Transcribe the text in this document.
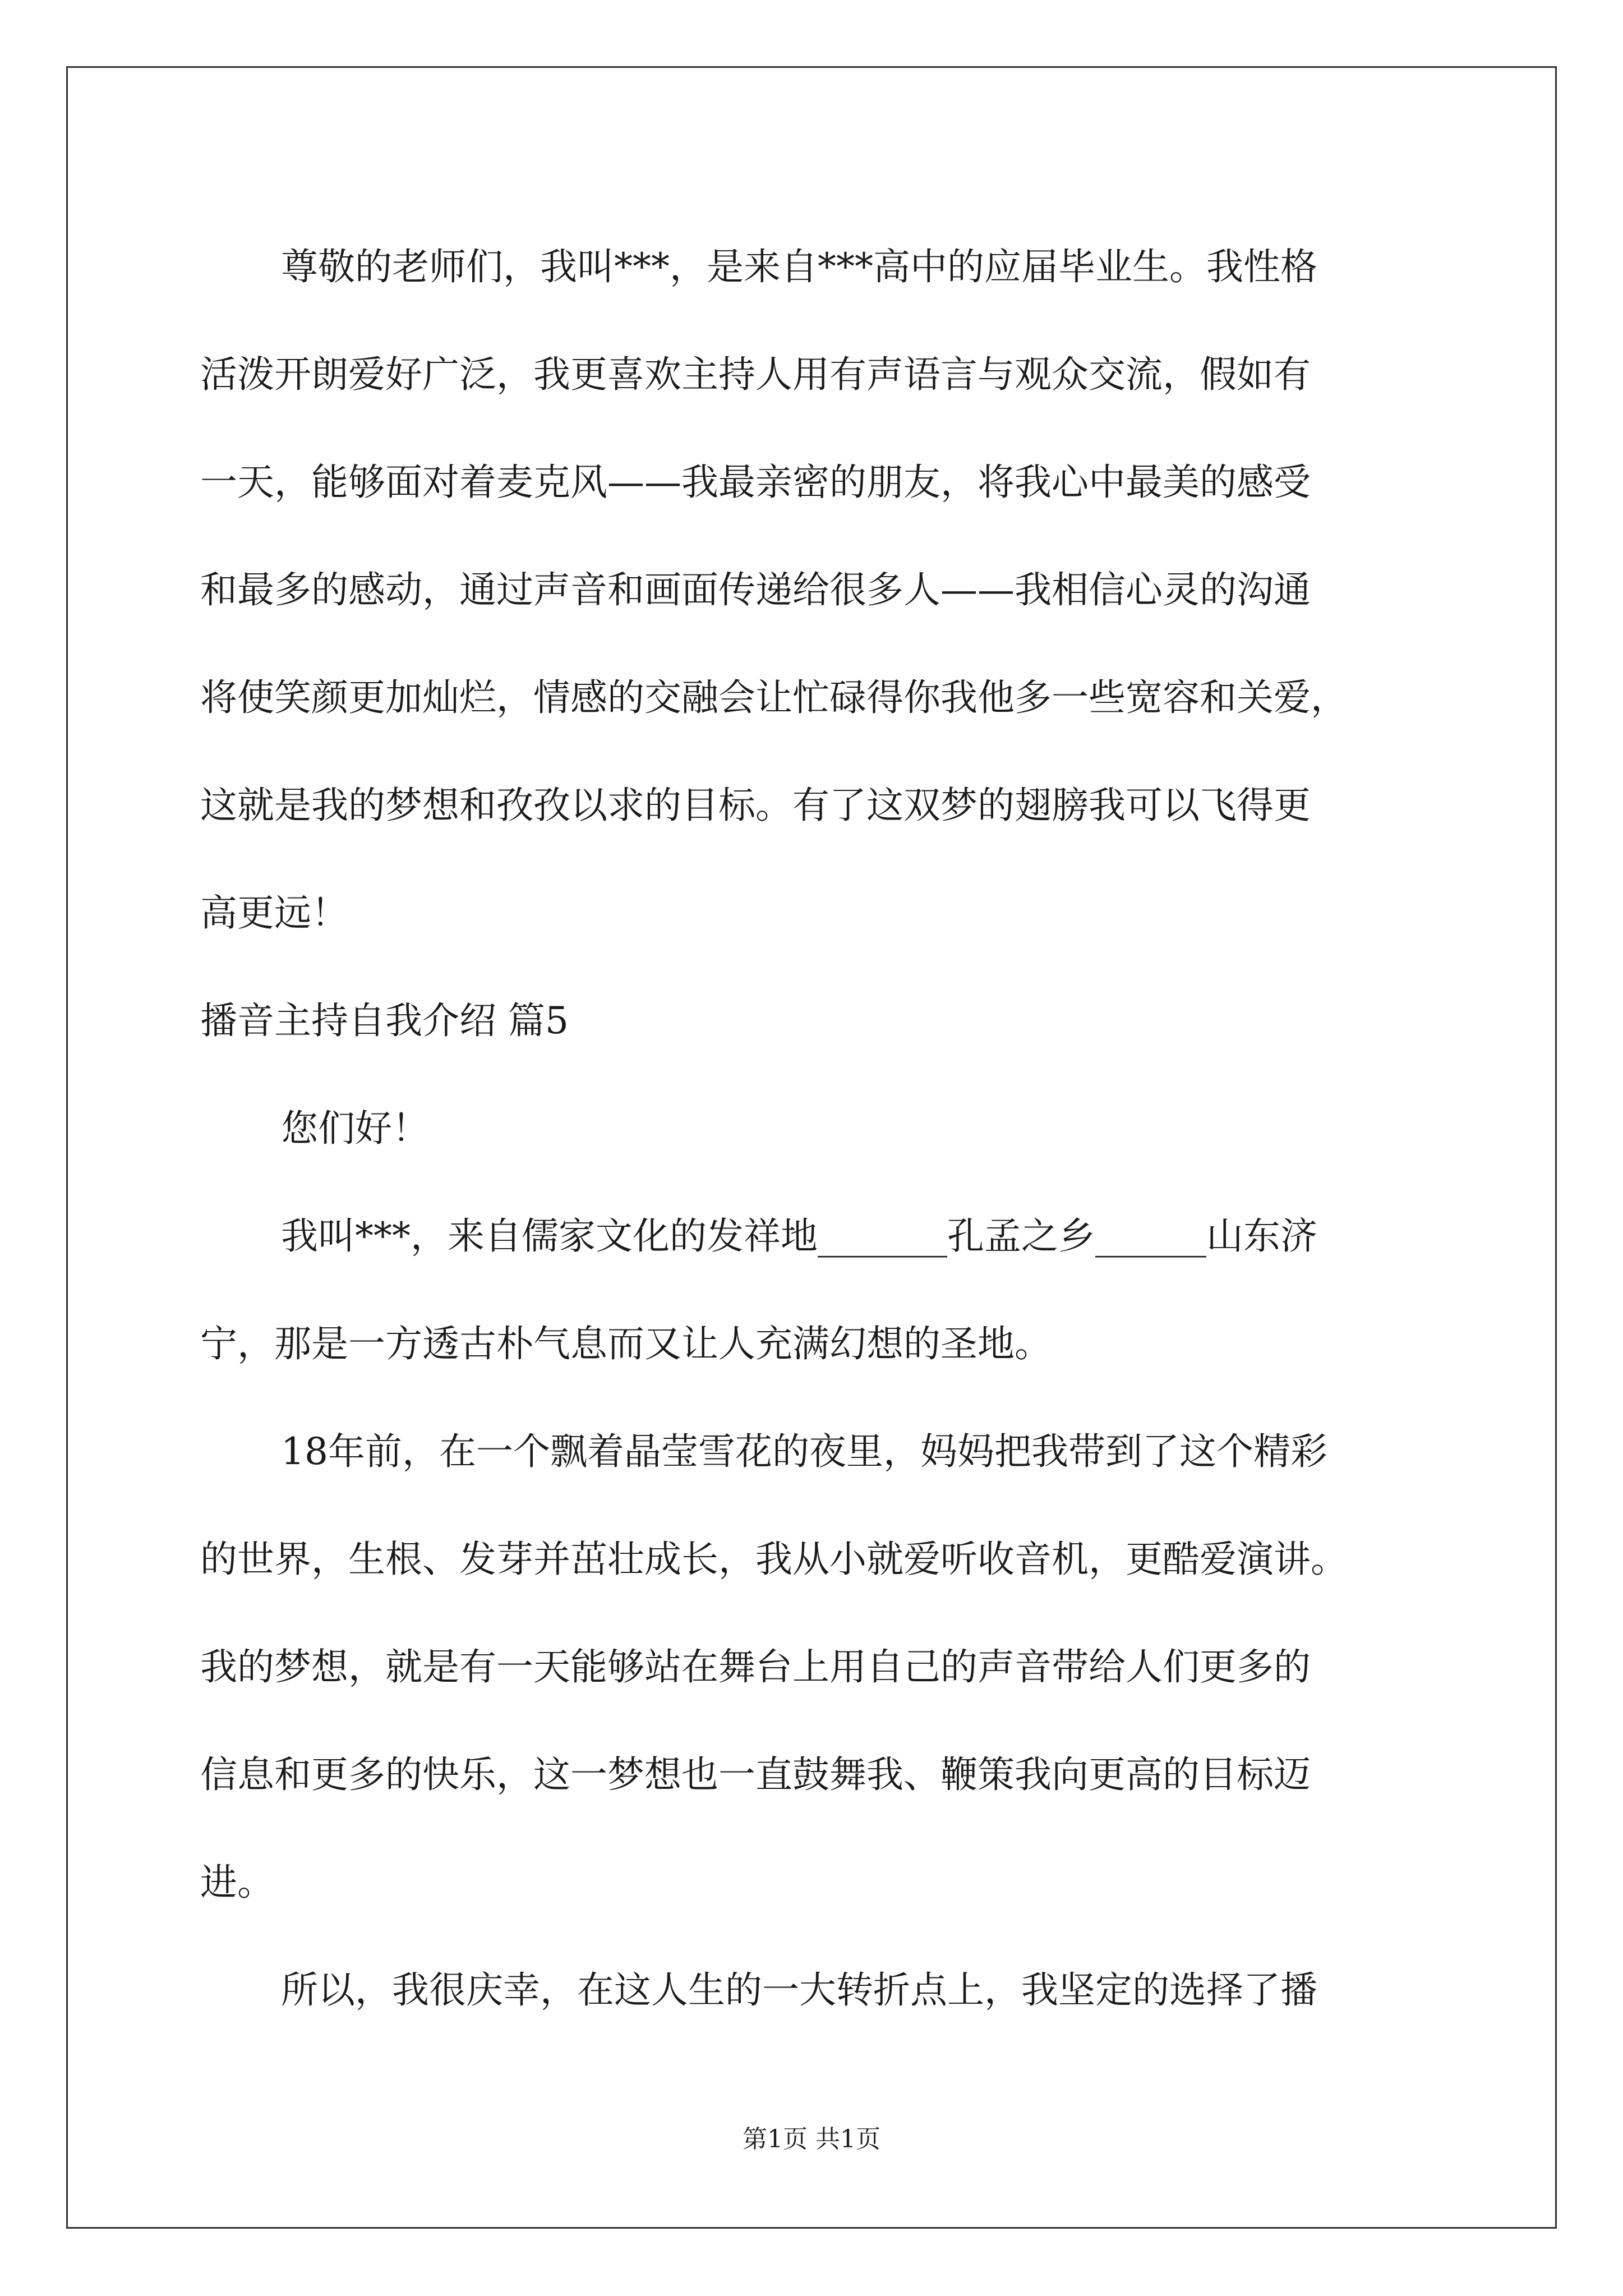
尊敬的老师们，我叫***，是来自***高中的应届毕业生。我性格
活泼开朗爱好广泛，我更喜欢主持人用有声语言与观众交流，假如有
一天，能够面对着麦克风——我最亲密的朋友，将我心中最美的感受
和最多的感动，通过声音和画面传递给很多人——我相信心灵的沟通
将使笑颜更加灿烂，情感的交融会让忙碌得你我他多一些宽容和关爱，
这就是我的梦想和孜孜以求的目标。有了这双梦的翅膀我可以飞得更
高更远！
播音主持自我介绍 篇5
您们好！
我叫***，来自儒家文化的发祥地_______孔孟之乡______山东济
宁，那是一方透古朴气息而又让人充满幻想的圣地。
18年前，在一个飘着晶莹雪花的夜里，妈妈把我带到了这个精彩
的世界，生根、发芽并茁壮成长，我从小就爱听收音机，更酷爱演讲。
我的梦想，就是有一天能够站在舞台上用自己的声音带给人们更多的
信息和更多的快乐，这一梦想也一直鼓舞我、鞭策我向更高的目标迈
进。
所以，我很庆幸，在这人生的一大转折点上，我坚定的选择了播
第1页 共1页
